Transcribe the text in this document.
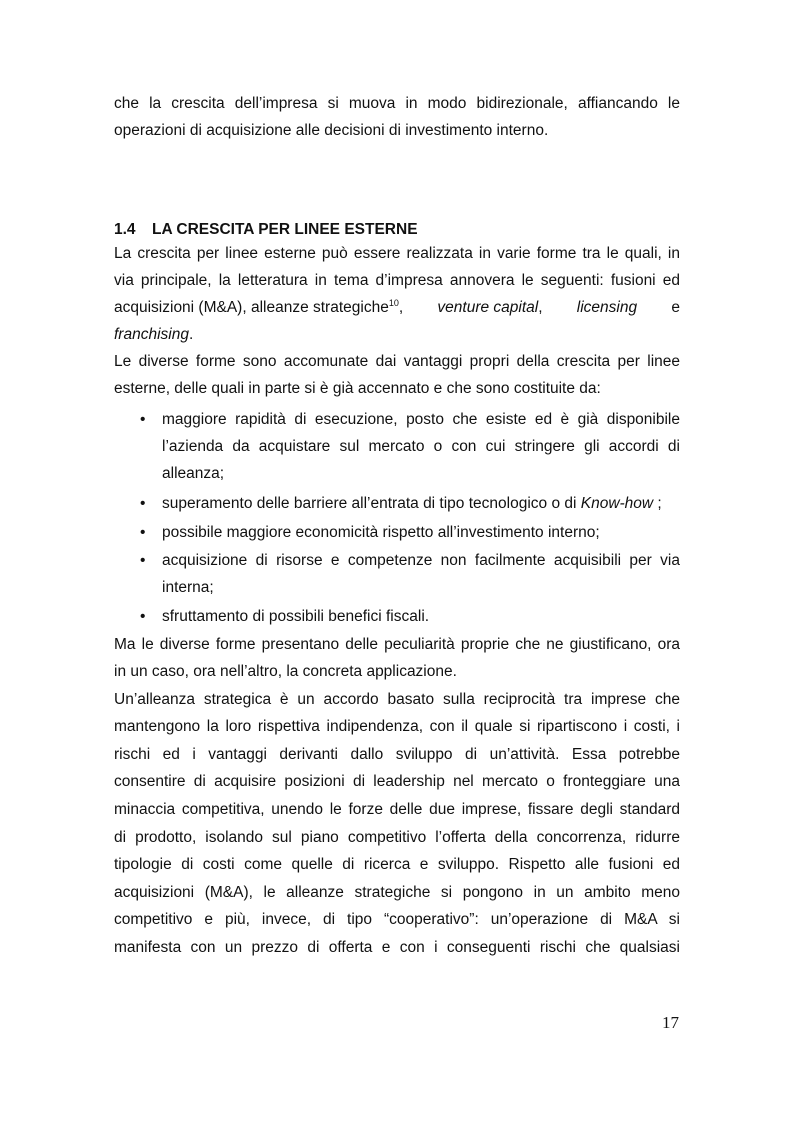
che la crescita dell’impresa si muova in modo bidirezionale, affiancando le
operazioni di acquisizione alle decisioni di investimento interno.
1.4 LA CRESCITA PER LINEE ESTERNE
La crescita per linee esterne può essere realizzata in varie forme tra le quali, in
via principale, la letteratura in tema d’impresa annovera le seguenti: fusioni ed
acquisizioni (M&A), alleanze strategiche$^{10}$, venture capital, licensing e
franchising.
Le diverse forme sono accomunate dai vantaggi propri della crescita per linee
esterne, delle quali in parte si è già accennato e che sono costituite da:
• maggiore rapidità di esecuzione, posto che esiste ed è già disponibile
l’azienda da acquistare sul mercato o con cui stringere gli accordi di
alleanza;
• superamento delle barriere all’entrata di tipo tecnologico o di Know-how ;
• possibile maggiore economicità rispetto all’investimento interno;
• acquisizione di risorse e competenze non facilmente acquisibili per via
interna;
• sfruttamento di possibili benefici fiscali.
Ma le diverse forme presentano delle peculiarità proprie che ne giustificano, ora
in un caso, ora nell’altro, la concreta applicazione.
Un’alleanza strategica è un accordo basato sulla reciprocità tra imprese che
mantengono la loro rispettiva indipendenza, con il quale si ripartiscono i costi, i
rischi ed i vantaggi derivanti dallo sviluppo di un’attività. Essa potrebbe
consentire di acquisire posizioni di leadership nel mercato o fronteggiare una
minaccia competitiva, unendo le forze delle due imprese, fissare degli standard
di prodotto, isolando sul piano competitivo l’offerta della concorrenza, ridurre
tipologie di costi come quelle di ricerca e sviluppo. Rispetto alle fusioni ed
acquisizioni (M&A), le alleanze strategiche si pongono in un ambito meno
competitivo e più, invece, di tipo “cooperativo”: un’operazione di M&A si
manifesta con un prezzo di offerta e con i conseguenti rischi che qualsiasi
17
